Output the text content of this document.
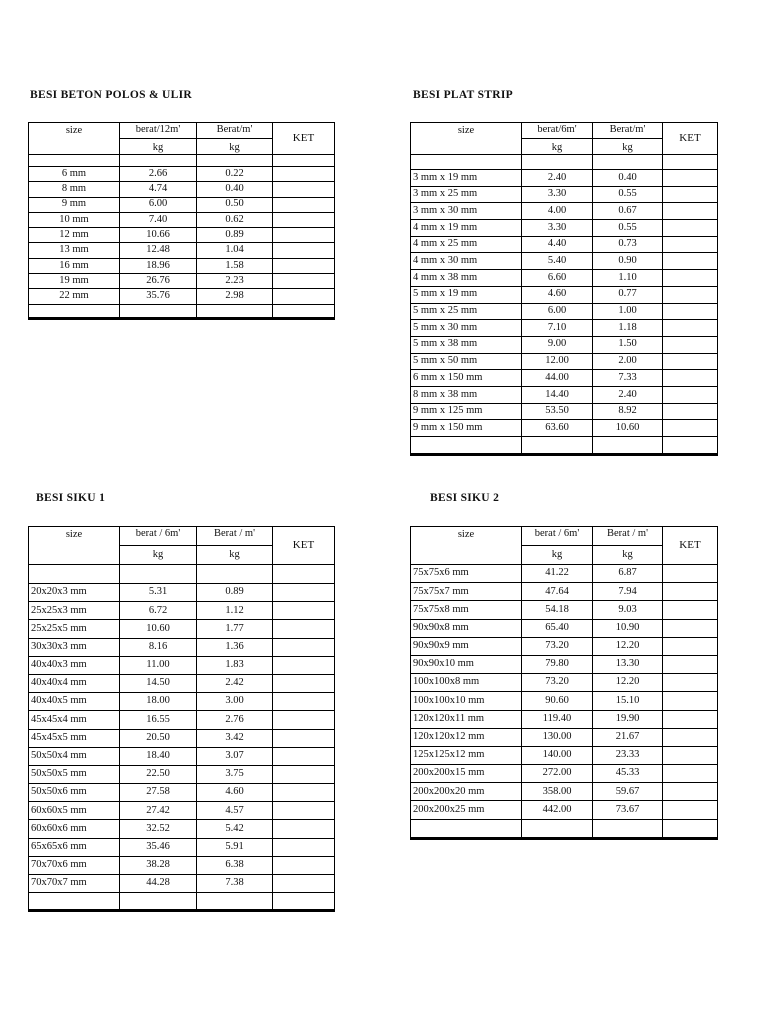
BESI BETON POLOS & ULIR	BESI PLAT STRIP
BESI SIKU 1	BESI SIKU 2
size	berat/12m'	Berat/m'	KET
	kg	kg	

6 mm	2.66	0.22	
8 mm	4.74	0.40	
9 mm	6.00	0.50	
10 mm	7.40	0.62	
12 mm	10.66	0.89	
13 mm	12.48	1.04	
16 mm	18.96	1.58	
19 mm	26.76	2.23	
22 mm	35.76	2.98	

size	berat/6m'	Berat/m'	KET
	kg	kg	

3 mm x 19 mm	2.40	0.40	
3 mm x 25 mm	3.30	0.55	
3 mm x 30 mm	4.00	0.67	
4 mm x 19 mm	3.30	0.55	
4 mm x 25 mm	4.40	0.73	
4 mm x 30 mm	5.40	0.90	
4 mm x 38 mm	6.60	1.10	
5 mm x 19 mm	4.60	0.77	
5 mm x 25 mm	6.00	1.00	
5 mm x 30 mm	7.10	1.18	
5 mm x 38 mm	9.00	1.50	
5 mm x 50 mm	12.00	2.00	
6 mm x 150 mm	44.00	7.33	
8 mm x 38 mm	14.40	2.40	
9 mm x 125 mm	53.50	8.92	
9 mm x 150 mm	63.60	10.60	

size	berat / 6m'	Berat / m'	KET
	kg	kg	

20x20x3 mm	5.31	0.89	
25x25x3 mm	6.72	1.12	
25x25x5 mm	10.60	1.77	
30x30x3 mm	8.16	1.36	
40x40x3 mm	11.00	1.83	
40x40x4 mm	14.50	2.42	
40x40x5 mm	18.00	3.00	
45x45x4 mm	16.55	2.76	
45x45x5 mm	20.50	3.42	
50x50x4 mm	18.40	3.07	
50x50x5 mm	22.50	3.75	
50x50x6 mm	27.58	4.60	
60x60x5 mm	27.42	4.57	
60x60x6 mm	32.52	5.42	
65x65x6 mm	35.46	5.91	
70x70x6 mm	38.28	6.38	
70x70x7 mm	44.28	7.38	

size	berat / 6m'	Berat / m'	KET
	kg	kg	
75x75x6 mm	41.22	6.87	
75x75x7 mm	47.64	7.94	
75x75x8 mm	54.18	9.03	
90x90x8 mm	65.40	10.90	
90x90x9 mm	73.20	12.20	
90x90x10 mm	79.80	13.30	
100x100x8 mm	73.20	12.20	
100x100x10 mm	90.60	15.10	
120x120x11 mm	119.40	19.90	
120x120x12 mm	130.00	21.67	
125x125x12 mm	140.00	23.33	
200x200x15 mm	272.00	45.33	
200x200x20 mm	358.00	59.67	
200x200x25 mm	442.00	73.67	
